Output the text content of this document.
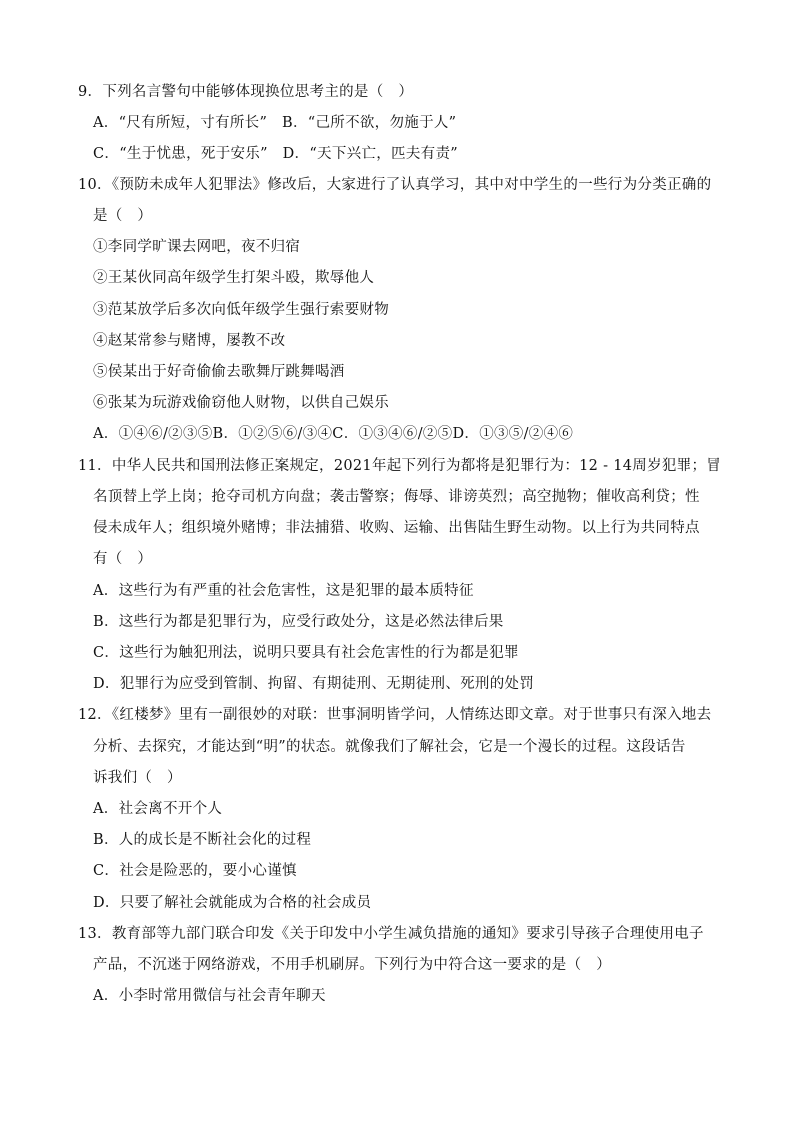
9．下列名言警句中能够体现换位思考主的是（　）
A．“尺有所短，寸有所长”　B．“己所不欲，勿施于人”
C．“生于忧患，死于安乐”　D．“天下兴亡，匹夫有责”
10．《预防未成年人犯罪法》修改后，大家进行了认真学习，其中对中学生的一些行为分类正确的
是（　）
①李同学旷课去网吧，夜不归宿
②王某伙同高年级学生打架斗殴，欺辱他人
③范某放学后多次向低年级学生强行索要财物
④赵某常参与赌博，屡教不改
⑤侯某出于好奇偷偷去歌舞厅跳舞喝酒
⑥张某为玩游戏偷窃他人财物，以供自己娱乐
A．①④⑥/②③⑤B．①②⑤⑥/③④C．①③④⑥/②⑤D．①③⑤/②④⑥
11．中华人民共和国刑法修正案规定，2021年起下列行为都将是犯罪行为：12 - 14周岁犯罪；冒
名顶替上学上岗；抢夺司机方向盘；袭击警察；侮辱、诽谤英烈；高空抛物；催收高利贷；性
侵未成年人；组织境外赌博；非法捕猎、收购、运输、出售陆生野生动物。以上行为共同特点
有（　）
A．这些行为有严重的社会危害性，这是犯罪的最本质特征
B．这些行为都是犯罪行为，应受行政处分，这是必然法律后果
C．这些行为触犯刑法，说明只要具有社会危害性的行为都是犯罪
D．犯罪行为应受到管制、拘留、有期徒刑、无期徒刑、死刑的处罚
12．《红楼梦》里有一副很妙的对联：世事洞明皆学问，人情练达即文章。对于世事只有深入地去
分析、去探究，才能达到“明”的状态。就像我们了解社会，它是一个漫长的过程。这段话告
诉我们（　）
A．社会离不开个人
B．人的成长是不断社会化的过程
C．社会是险恶的，要小心谨慎
D．只要了解社会就能成为合格的社会成员
13．教育部等九部门联合印发《关于印发中小学生减负措施的通知》要求引导孩子合理使用电子
产品，不沉迷于网络游戏，不用手机刷屏。下列行为中符合这一要求的是（　）
A．小李时常用微信与社会青年聊天
